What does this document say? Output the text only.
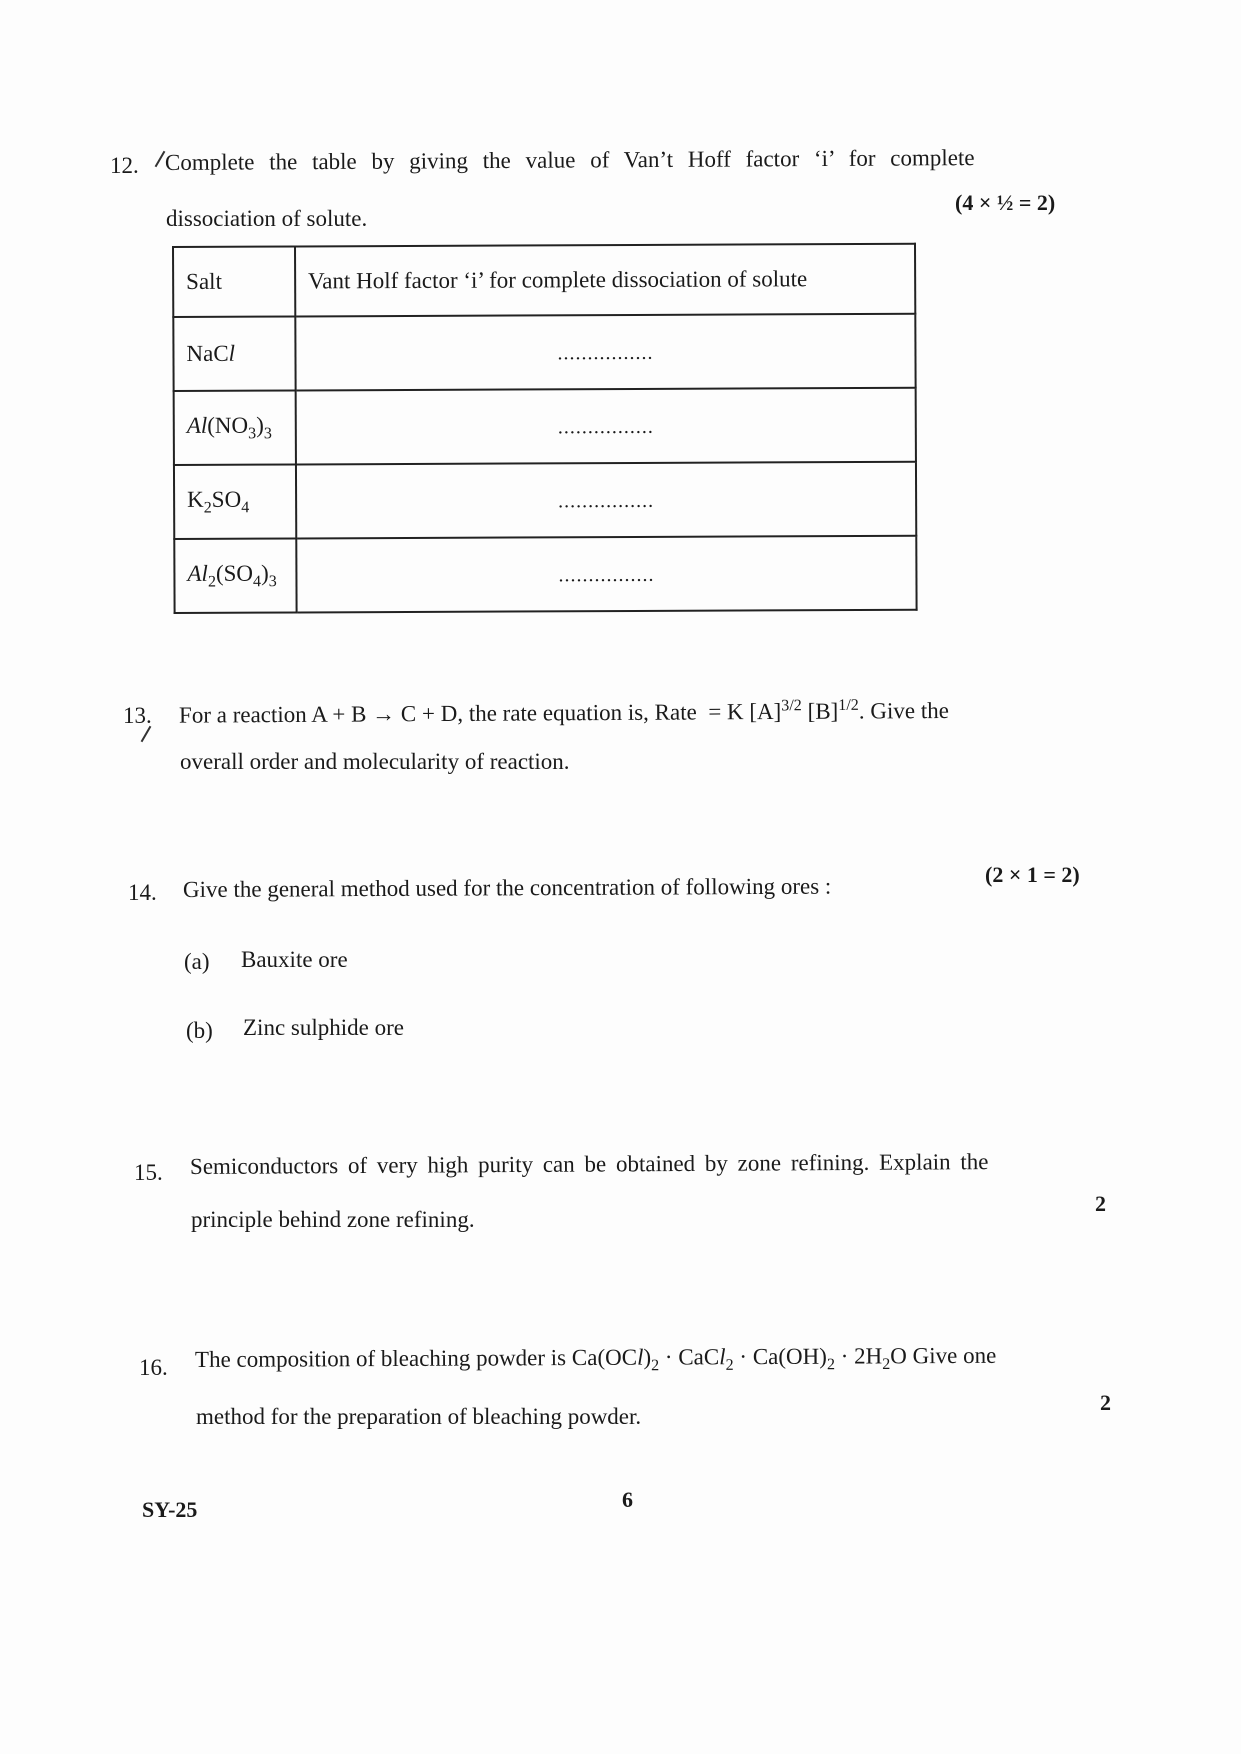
12. Complete the table by giving the value of Van’t Hoff factor ‘i’ for complete
dissociation of solute.
(4 × ½ = 2)
Salt	Vant Holf factor ‘i’ for complete dissociation of solute
NaCl	................
$Al(NO_3)_3$	................
$K_2SO_4$	................
$Al_2(SO_4)_3$	................
13. For a reaction A + B → C + D, the rate equation is, Rate = K $[A]^{3/2}$ $[B]^{1/2}$. Give the
overall order and molecularity of reaction.
14. Give the general method used for the concentration of following ores :	(2 × 1 = 2)
(a) Bauxite ore
(b) Zinc sulphide ore
15. Semiconductors of very high purity can be obtained by zone refining. Explain the
principle behind zone refining.
2
16. The composition of bleaching powder is $Ca(OCl)_2$ · CaCl$_2$ · $Ca(OH)_2 \cdot 2H_2O$ Give one
method for the preparation of bleaching powder.
2
SY-25	6
